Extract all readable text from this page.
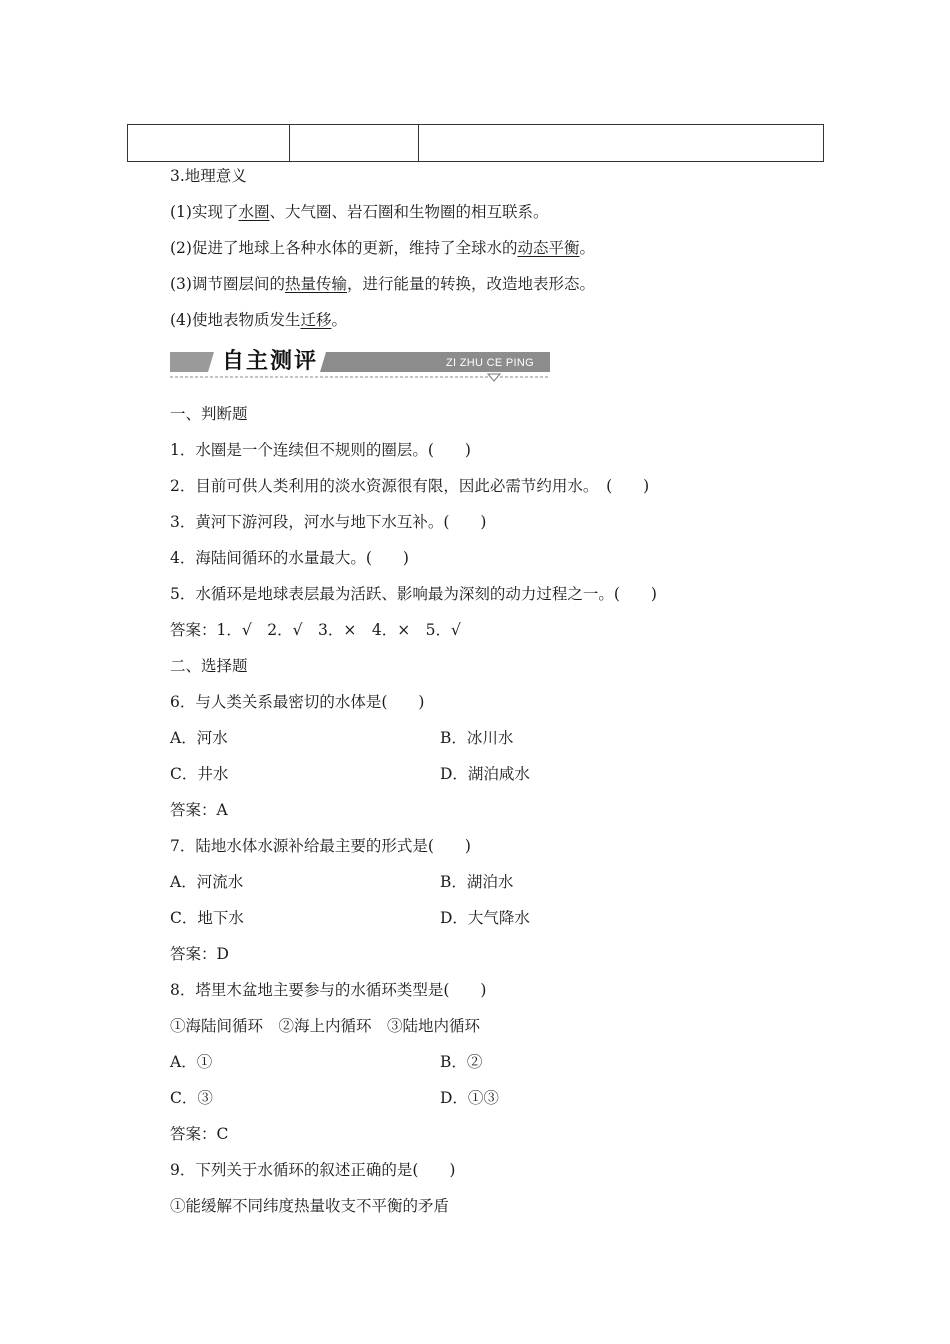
3.地理意义
(1)实现了水圈、大气圈、岩石圈和生物圈的相互联系。
(2)促进了地球上各种水体的更新，维持了全球水的动态平衡。
(3)调节圈层间的热量传输，进行能量的转换，改造地表形态。
(4)使地表物质发生迁移。
自主测评	ZI ZHU CE PING
一、判断题
1．水圈是一个连续但不规则的圈层。(　　)
2．目前可供人类利用的淡水资源很有限，因此必需节约用水。　(　　)
3．黄河下游河段，河水与地下水互补。(　　)
4．海陆间循环的水量最大。(　　)
5．水循环是地球表层最为活跃、影响最为深刻的动力过程之一。(　　)
答案：1．√　2．√　3．×　4．×　5．√
二、选择题
6．与人类关系最密切的水体是(　　)
A．河水	B．冰川水
C．井水	D．湖泊咸水
答案：A
7．陆地水体水源补给最主要的形式是(　　)
A．河流水	B．湖泊水
C．地下水	D．大气降水
答案：D
8．塔里木盆地主要参与的水循环类型是(　　)
①海陆间循环　②海上内循环　③陆地内循环
A．①	B．②
C．③	D．①③
答案：C
9．下列关于水循环的叙述正确的是(　　)
①能缓解不同纬度热量收支不平衡的矛盾
